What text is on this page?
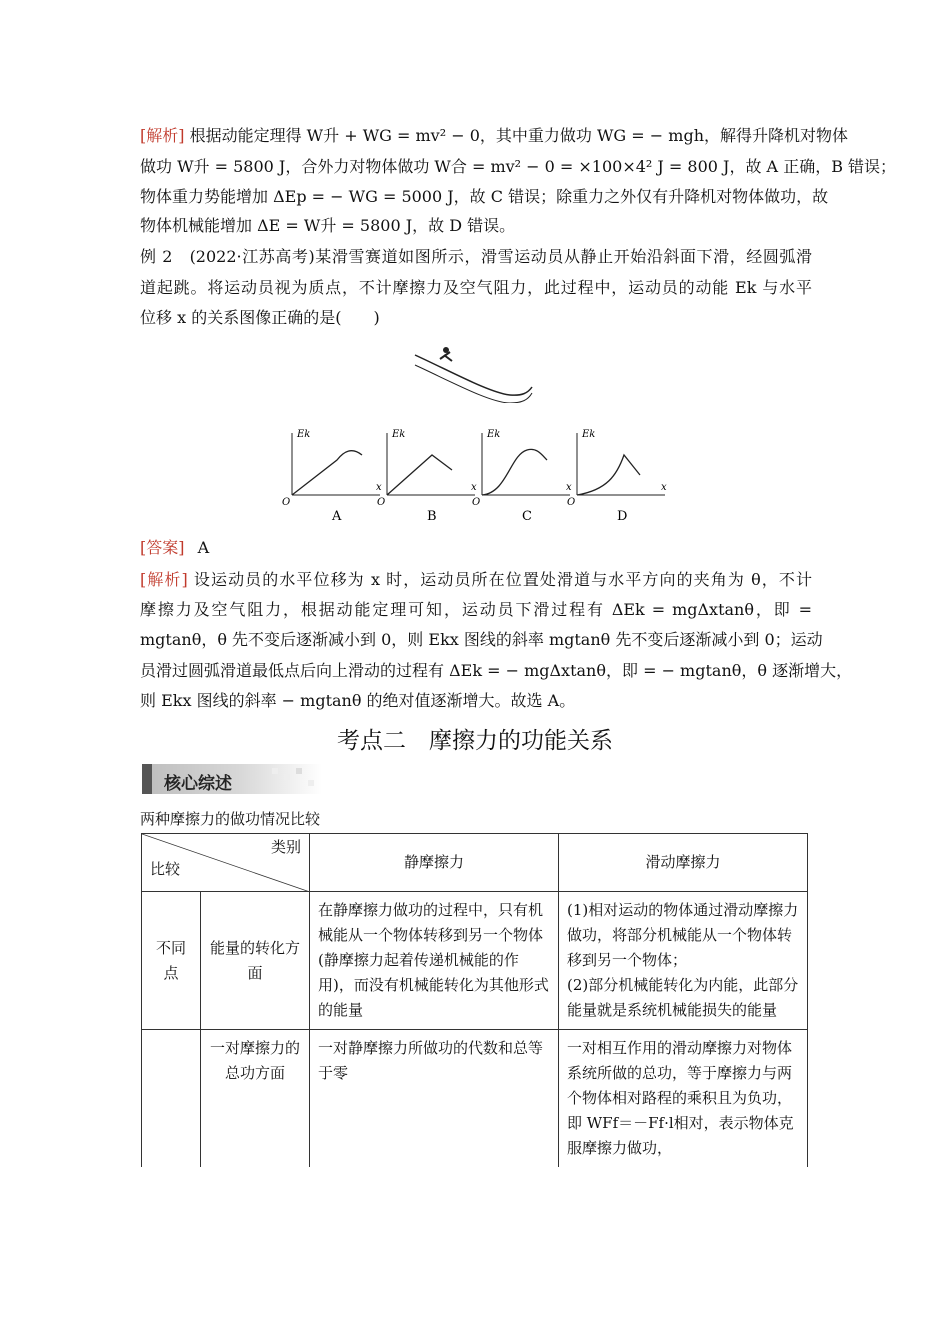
[解析] 根据动能定理得 W升 + WG = mv² − 0，其中重力做功 WG = − mgh，解得升降机对物体
做功 W升 = 5800 J，合外力对物体做功 W合 = mv² − 0 = ×100×4² J = 800 J，故 A 正确，B 错误；
物体重力势能增加 ΔEp = − WG = 5000 J，故 C 错误；除重力之外仅有升降机对物体做功，故
物体机械能增加 ΔE = W升 = 5800 J，故 D 错误。
例 2　(2022·江苏高考)某滑雪赛道如图所示，滑雪运动员从静止开始沿斜面下滑，经圆弧滑
道起跳。将运动员视为质点，不计摩擦力及空气阻力，此过程中，运动员的动能 Ek 与水平
位移 x 的关系图像正确的是(　　)
Ek
x
O
A
Ek
x
O
B
Ek
x
O
C
Ek
x
O
D
[答案] A
[解析] 设运动员的水平位移为 x 时，运动员所在位置处滑道与水平方向的夹角为 θ，不计
摩擦力及空气阻力，根据动能定理可知，运动员下滑过程有 ΔEk = mgΔxtanθ，即 =
mgtanθ，θ 先不变后逐渐减小到 0，则 Ekx 图线的斜率 mgtanθ 先不变后逐渐减小到 0；运动
员滑过圆弧滑道最低点后向上滑动的过程有 ΔEk = − mgΔxtanθ，即 = − mgtanθ，θ 逐渐增大，
则 Ekx 图线的斜率 − mgtanθ 的绝对值逐渐增大。故选 A。
考点二　摩擦力的功能关系
核心综述
两种摩擦力的做功情况比较
类别
比较		静摩擦力	滑动摩擦力
不同点	能量的转化方面	在静摩擦力做功的过程中，只有机械能从一个物体转移到另一个物体(静摩擦力起着传递机械能的作用)，而没有机械能转化为其他形式的能量	(1)相对运动的物体通过滑动摩擦力做功，将部分机械能从一个物体转移到另一个物体；
(2)部分机械能转化为内能，此部分能量就是系统机械能损失的能量

	一对摩擦力的总功方面	一对静摩擦力所做功的代数和总等于零	一对相互作用的滑动摩擦力对物体系统所做的总功，等于摩擦力与两个物体相对路程的乘积且为负功，即 WFf＝－Ff·l相对，表示物体克服摩擦力做功，
